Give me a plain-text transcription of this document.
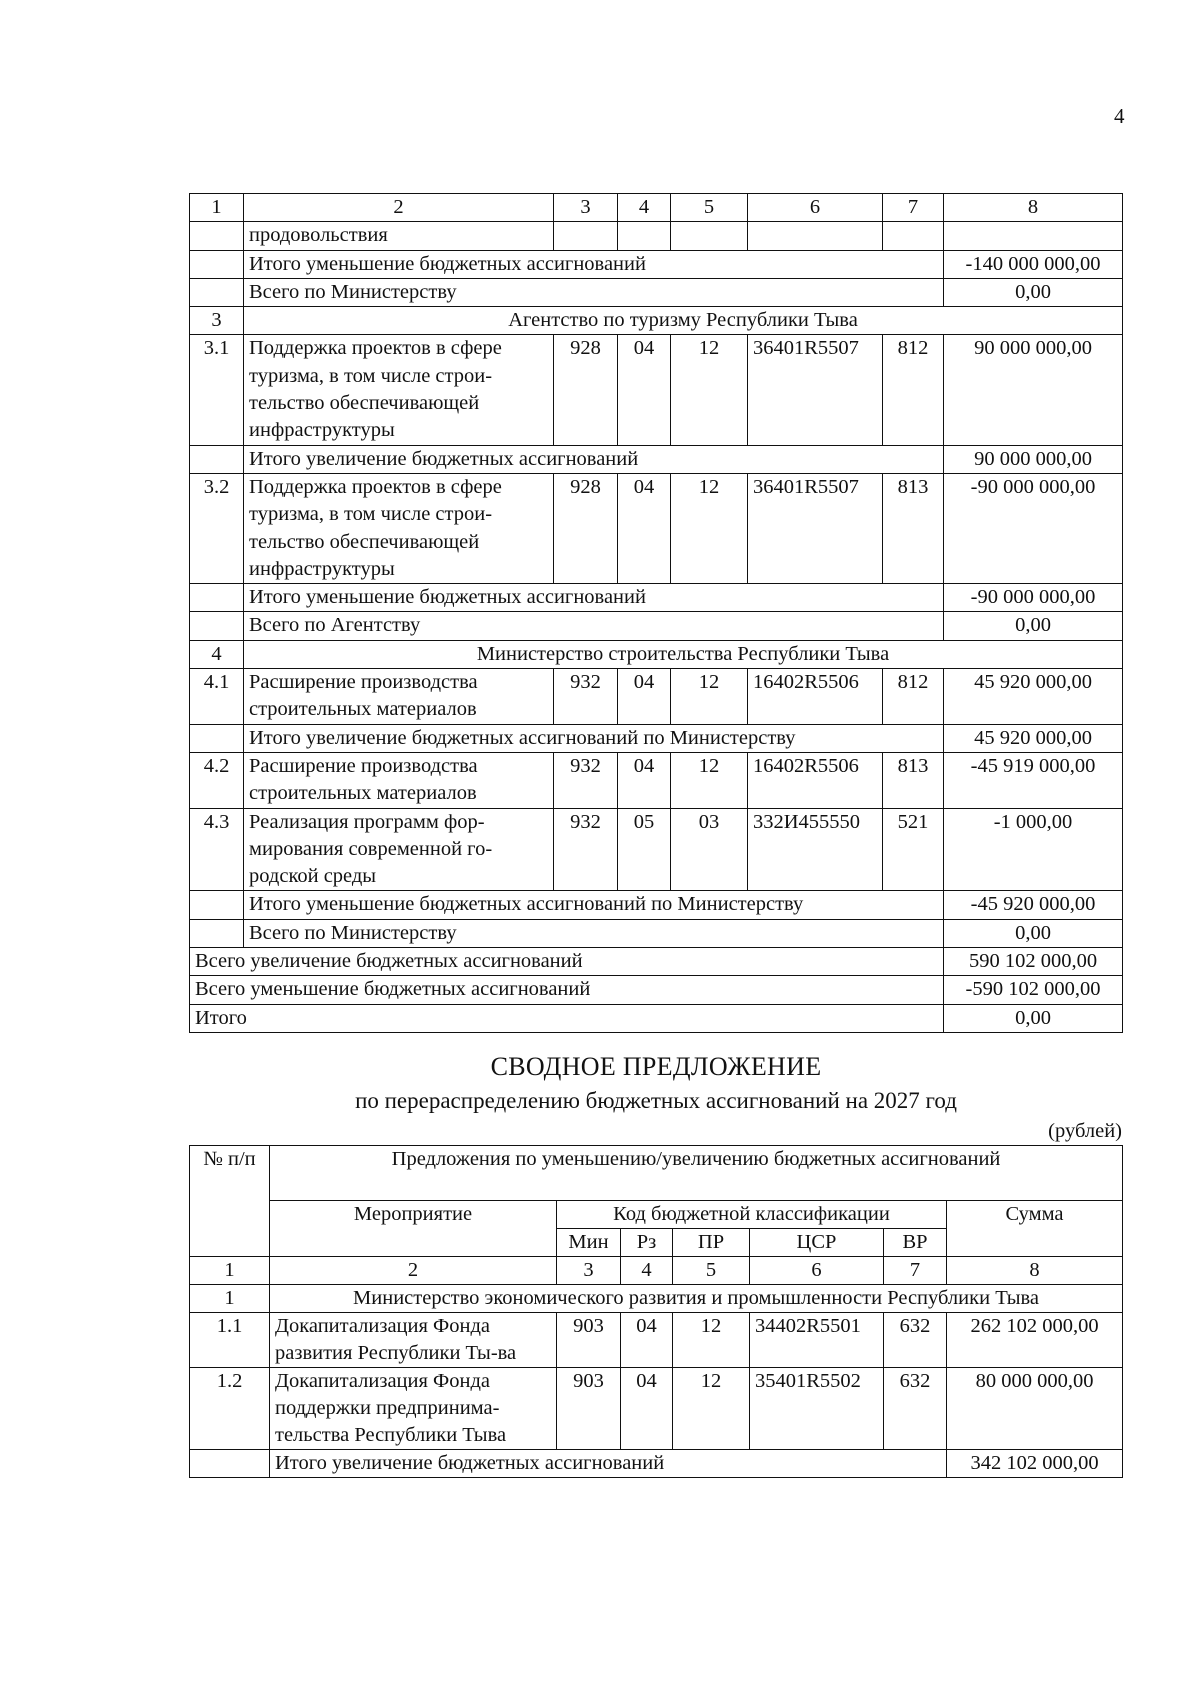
4
1	2	3	4	5	6	7	8
	продовольствия						
	Итого уменьшение бюджетных ассигнований						-140 000 000,00
	Всего по Министерству						0,00
3	Агентство по туризму Республики Тыва						
3.1	Поддержка проектов в сфере туризма, в том числе строи-тельство обеспечивающей инфраструктуры	928	04	12	36401R5507	812	90 000 000,00
	Итого увеличение бюджетных ассигнований						90 000 000,00
3.2	Поддержка проектов в сфере туризма, в том числе строи-тельство обеспечивающей инфраструктуры	928	04	12	36401R5507	813	-90 000 000,00
	Итого уменьшение бюджетных ассигнований						-90 000 000,00
	Всего по Агентству						0,00
4	Министерство строительства Республики Тыва						
4.1	Расширение производства строительных материалов	932	04	12	16402R5506	812	45 920 000,00
	Итого увеличение бюджетных ассигнований по Министерству						45 920 000,00
4.2	Расширение производства строительных материалов	932	04	12	16402R5506	813	-45 919 000,00
4.3	Реализация программ фор-мирования современной го-родской среды	932	05	03	332И455550	521	-1 000,00
	Итого уменьшение бюджетных ассигнований по Министерству						-45 920 000,00
	Всего по Министерству						0,00
Всего увеличение бюджетных ассигнований							590 102 000,00
Всего уменьшение бюджетных ассигнований							-590 102 000,00
Итого							0,00
СВОДНОЕ ПРЕДЛОЖЕНИЕ
по перераспределению бюджетных ассигнований на 2027 год
(рублей)
№ п/п	Предложения по уменьшению/увеличению бюджетных ассигнований						
	Мероприятие	Код бюджетной классификации					Сумма
		Мин	Рз	ПР	ЦСР	ВР	
1	2	3	4	5	6	7	8
1	Министерство экономического развития и промышленности Республики Тыва						
1.1	Докапитализация Фонда развития Республики Ты-ва	903	04	12	34402R5501	632	262 102 000,00
1.2	Докапитализация Фонда поддержки предпринима-тельства Республики Тыва	903	04	12	35401R5502	632	80 000 000,00
	Итого увеличение бюджетных ассигнований						342 102 000,00
